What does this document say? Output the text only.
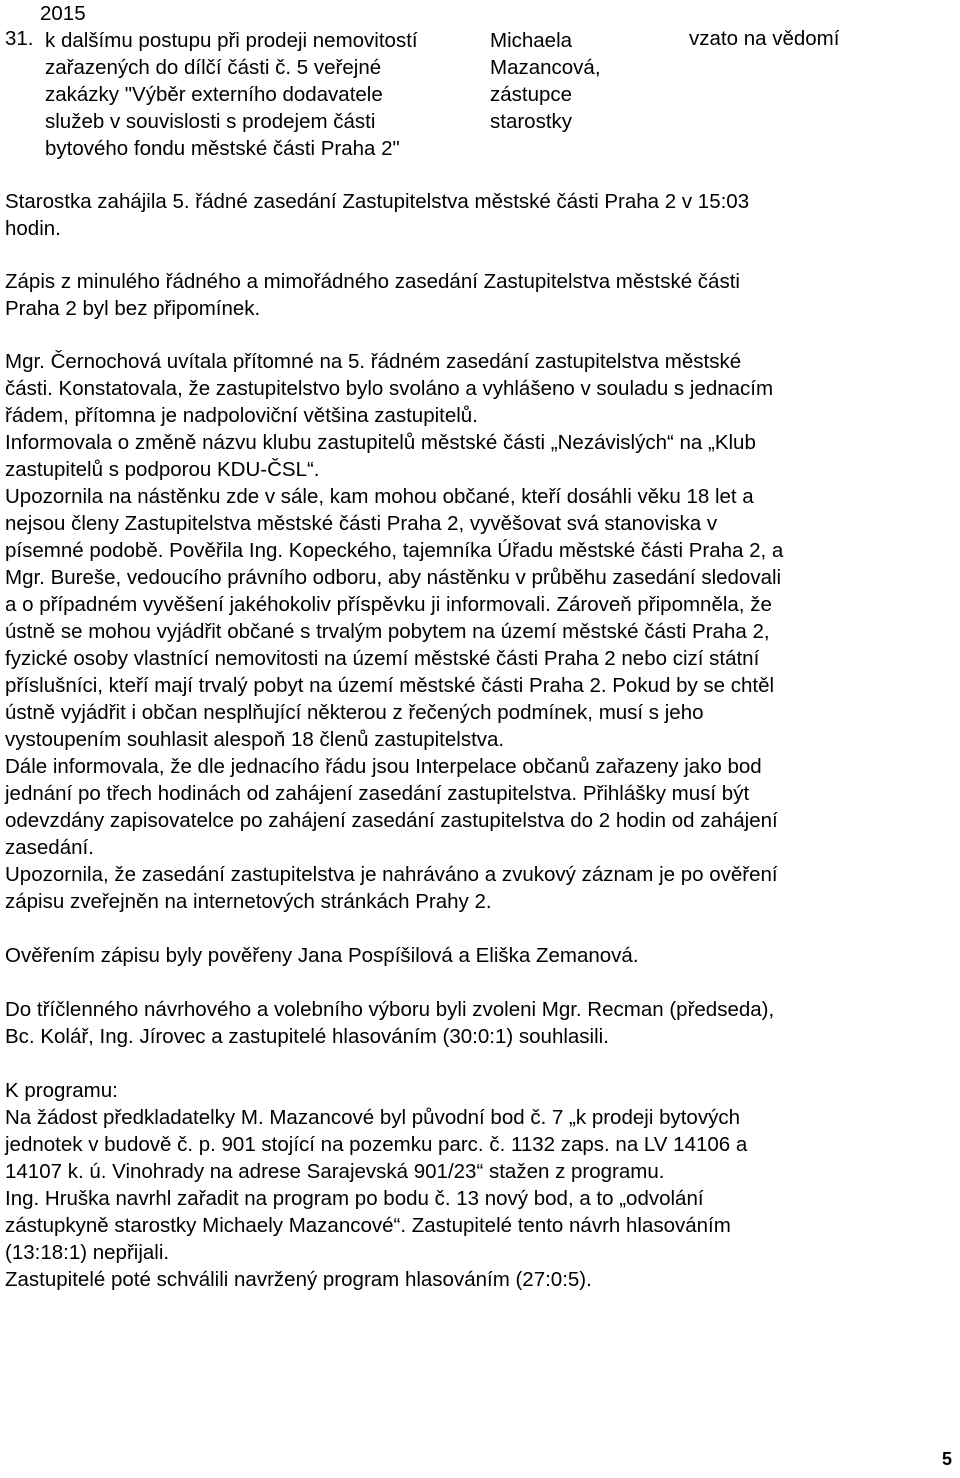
2015
31. k dalšímu postupu při prodeji nemovitostí
zařazených do dílčí části č. 5 veřejné
zakázky "Výběr externího dodavatele
služeb v souvislosti s prodejem části
bytového fondu městské části Praha 2"
Michaela
Mazancová,
zástupce
starostky
vzato na vědomí
Starostka zahájila 5. řádné zasedání Zastupitelstva městské části Praha 2 v 15:03
hodin.
Zápis z minulého řádného a mimořádného zasedání Zastupitelstva městské části
Praha 2 byl bez připomínek.
Mgr. Černochová uvítala přítomné na 5. řádném zasedání zastupitelstva městské
části. Konstatovala, že zastupitelstvo bylo svoláno a vyhlášeno v souladu s jednacím
řádem, přítomna je nadpoloviční většina zastupitelů.
Informovala o změně názvu klubu zastupitelů městské části „Nezávislých“ na „Klub
zastupitelů s podporou KDU-ČSL“.
Upozornila na nástěnku zde v sále, kam mohou občané, kteří dosáhli věku 18 let a
nejsou členy Zastupitelstva městské části Praha 2, vyvěšovat svá stanoviska v
písemné podobě. Pověřila Ing. Kopeckého, tajemníka Úřadu městské části Praha 2, a
Mgr. Bureše, vedoucího právního odboru, aby nástěnku v průběhu zasedání sledovali
a o případném vyvěšení jakéhokoliv příspěvku ji informovali. Zároveň připomněla, že
ústně se mohou vyjádřit občané s trvalým pobytem na území městské části Praha 2,
fyzické osoby vlastnící nemovitosti na území městské části Praha 2 nebo cizí státní
příslušníci, kteří mají trvalý pobyt na území městské části Praha 2. Pokud by se chtěl
ústně vyjádřit i občan nesplňující některou z řečených podmínek, musí s jeho
vystoupením souhlasit alespoň 18 členů zastupitelstva.
Dále informovala, že dle jednacího řádu jsou Interpelace občanů zařazeny jako bod
jednání po třech hodinách od zahájení zasedání zastupitelstva. Přihlášky musí být
odevzdány zapisovatelce po zahájení zasedání zastupitelstva do 2 hodin od zahájení
zasedání.
Upozornila, že zasedání zastupitelstva je nahráváno a zvukový záznam je po ověření
zápisu zveřejněn na internetových stránkách Prahy 2.
Ověřením zápisu byly pověřeny Jana Pospíšilová a Eliška Zemanová.
Do tříčlenného návrhového a volebního výboru byli zvoleni Mgr. Recman (předseda),
Bc. Kolář, Ing. Jírovec a zastupitelé hlasováním (30:0:1) souhlasili.
K programu:
Na žádost předkladatelky M. Mazancové byl původní bod č. 7 „k prodeji bytových
jednotek v budově č. p. 901 stojící na pozemku parc. č. 1132 zaps. na LV 14106 a
14107 k. ú. Vinohrady na adrese Sarajevská 901/23“ stažen z programu.
Ing. Hruška navrhl zařadit na program po bodu č. 13 nový bod, a to „odvolání
zástupkyně starostky Michaely Mazancové“. Zastupitelé tento návrh hlasováním
(13:18:1) nepřijali.
Zastupitelé poté schválili navržený program hlasováním (27:0:5).
5
